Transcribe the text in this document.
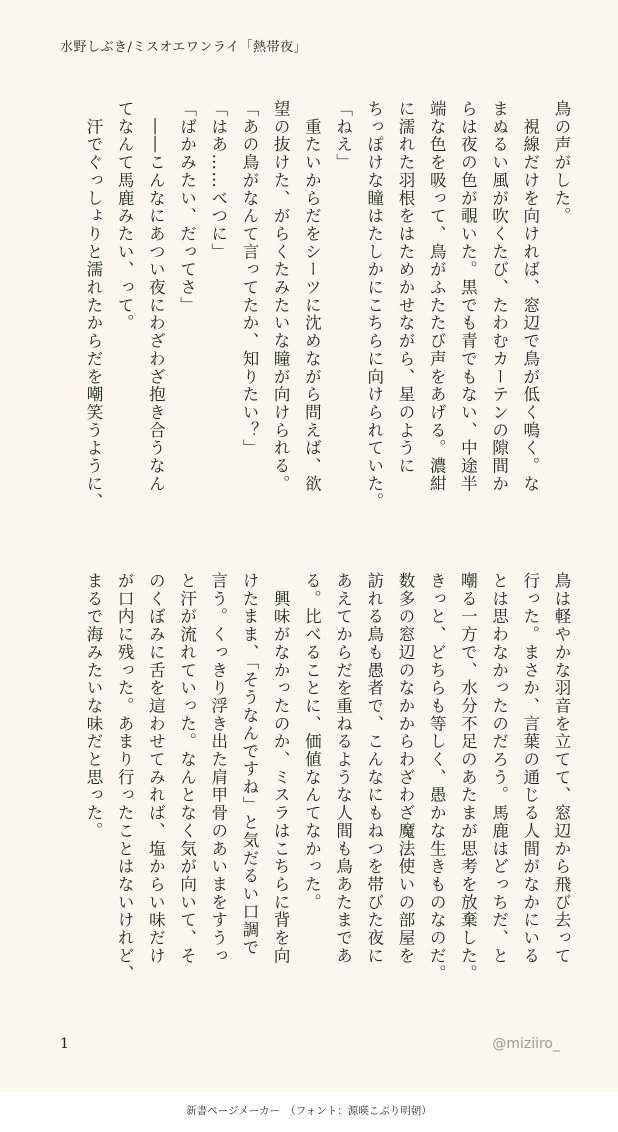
水野しぶき/ミスオエワンライ「熱帯夜」
鳥の声がした。
　視線だけを向ければ、窓辺で鳥が低く鳴く。な
まぬるい風が吹くたび、たわむカーテンの隙間か
らは夜の色が覗いた。黒でも青でもない、中途半
端な色を吸って、鳥がふたたび声をあげる。濃紺
に濡れた羽根をはためかせながら、星のように
ちっぽけな瞳はたしかにこちらに向けられていた。
「ねえ」
　重たいからだをシーツに沈めながら問えば、欲
望の抜けた、がらくたみたいな瞳が向けられる。
「あの鳥がなんて言ってたか、知りたい？」
「はあ……べつに」
「ばかみたい、だってさ」
　――こんなにあつい夜にわざわざ抱き合うなん
てなんて馬鹿みたい、って。
　汗でぐっしょりと濡れたからだを嘲笑うように、
鳥は軽やかな羽音を立てて、窓辺から飛び去って
行った。まさか、言葉の通じる人間がなかにいる
とは思わなかったのだろう。馬鹿はどっちだ、と
嘲る一方で、水分不足のあたまが思考を放棄した。
きっと、どちらも等しく、愚かな生きものなのだ。
数多の窓辺のなかからわざわざ魔法使いの部屋を
訪れる鳥も愚者で、こんなにもねつを帯びた夜に
あえてからだを重ねるような人間も鳥あたまであ
る。比べることに、価値なんてなかった。
　興味がなかったのか、ミスラはこちらに背を向
けたまま、「そうなんですね」と気だるい口調で
言う。くっきり浮き出た肩甲骨のあいまをすうっ
と汗が流れていった。なんとなく気が向いて、そ
のくぼみに舌を這わせてみれば、塩からい味だけ
が口内に残った。あまり行ったことはないけれど、
まるで海みたいな味だと思った。
1	@miziiro_
新書ページメーカー　（フォント：源暎こぶり明朝）
